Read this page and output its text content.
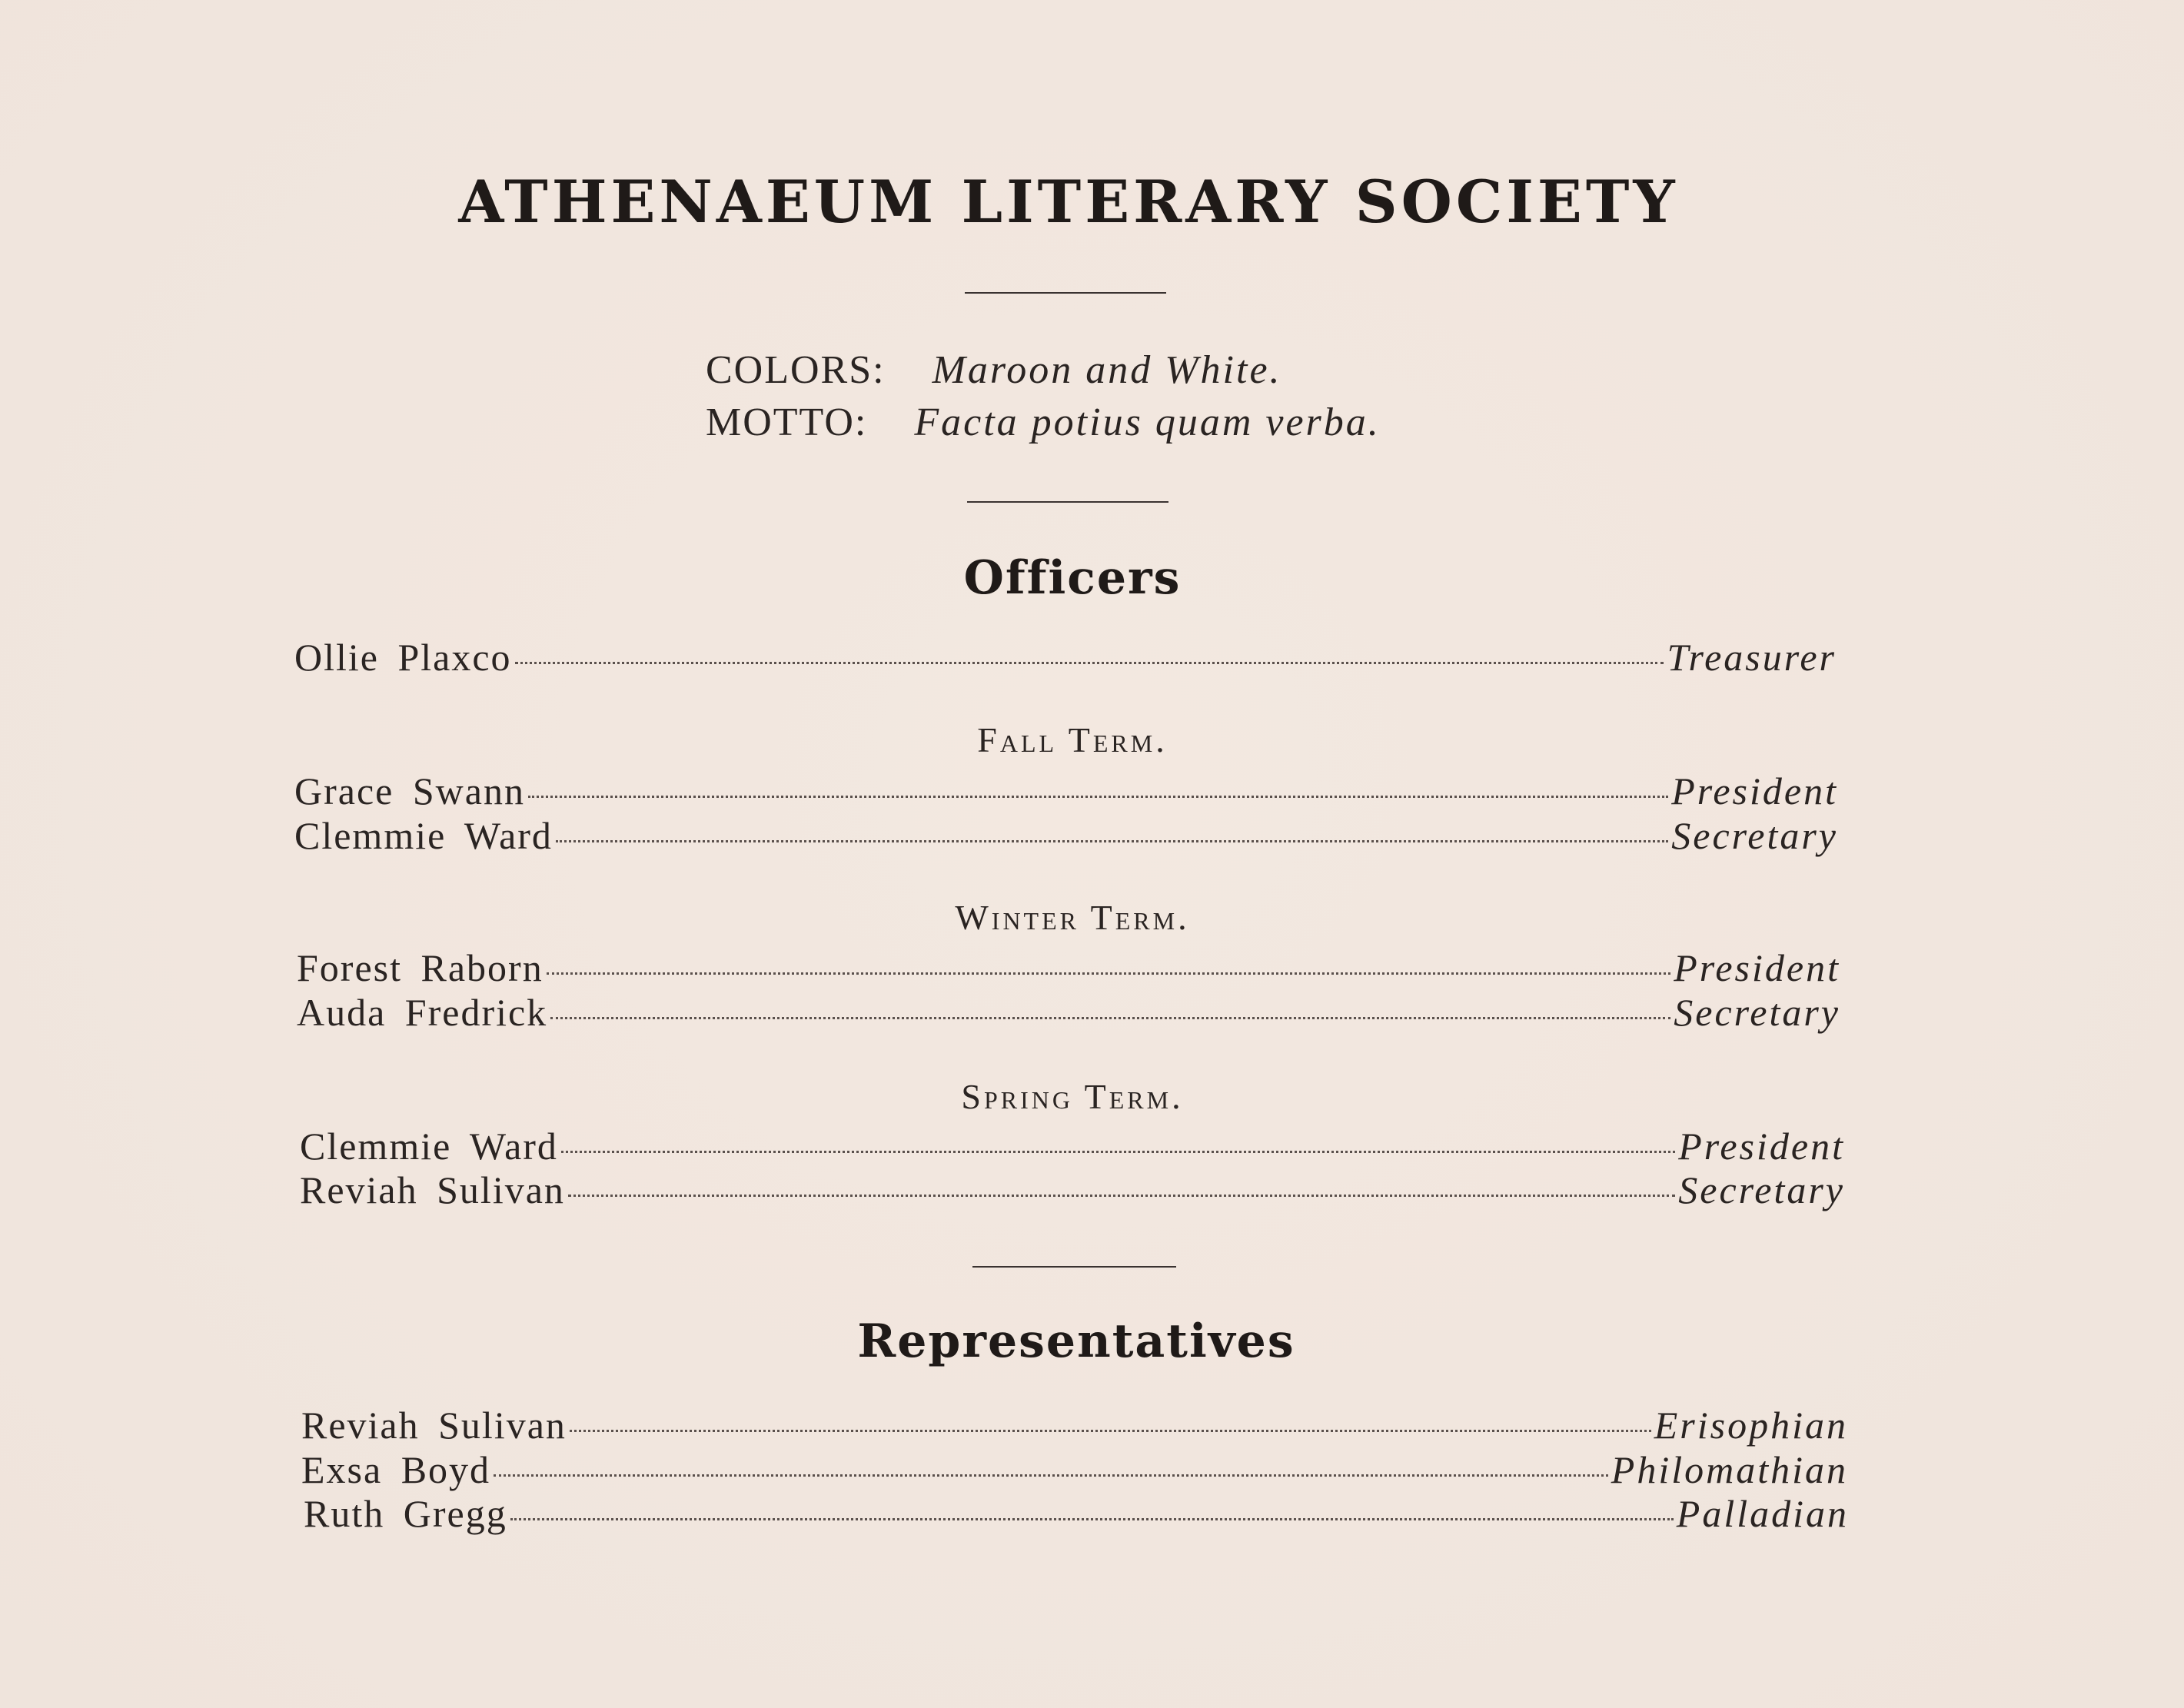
ATHENAEUM LITERARY SOCIETY
COLORS: Maroon and White.
MOTTO: Facta potius quam verba.
Officers
Ollie Plaxco	Treasurer
Fall Term.
Grace Swann	President
Clemmie Ward	Secretary
Winter Term.
Forest Raborn	President
Auda Fredrick	Secretary
Spring Term.
Clemmie Ward	President
Reviah Sulivan	Secretary
Representatives
Reviah Sulivan	Erisophian
Exsa Boyd	Philomathian
Ruth Gregg	Palladian
